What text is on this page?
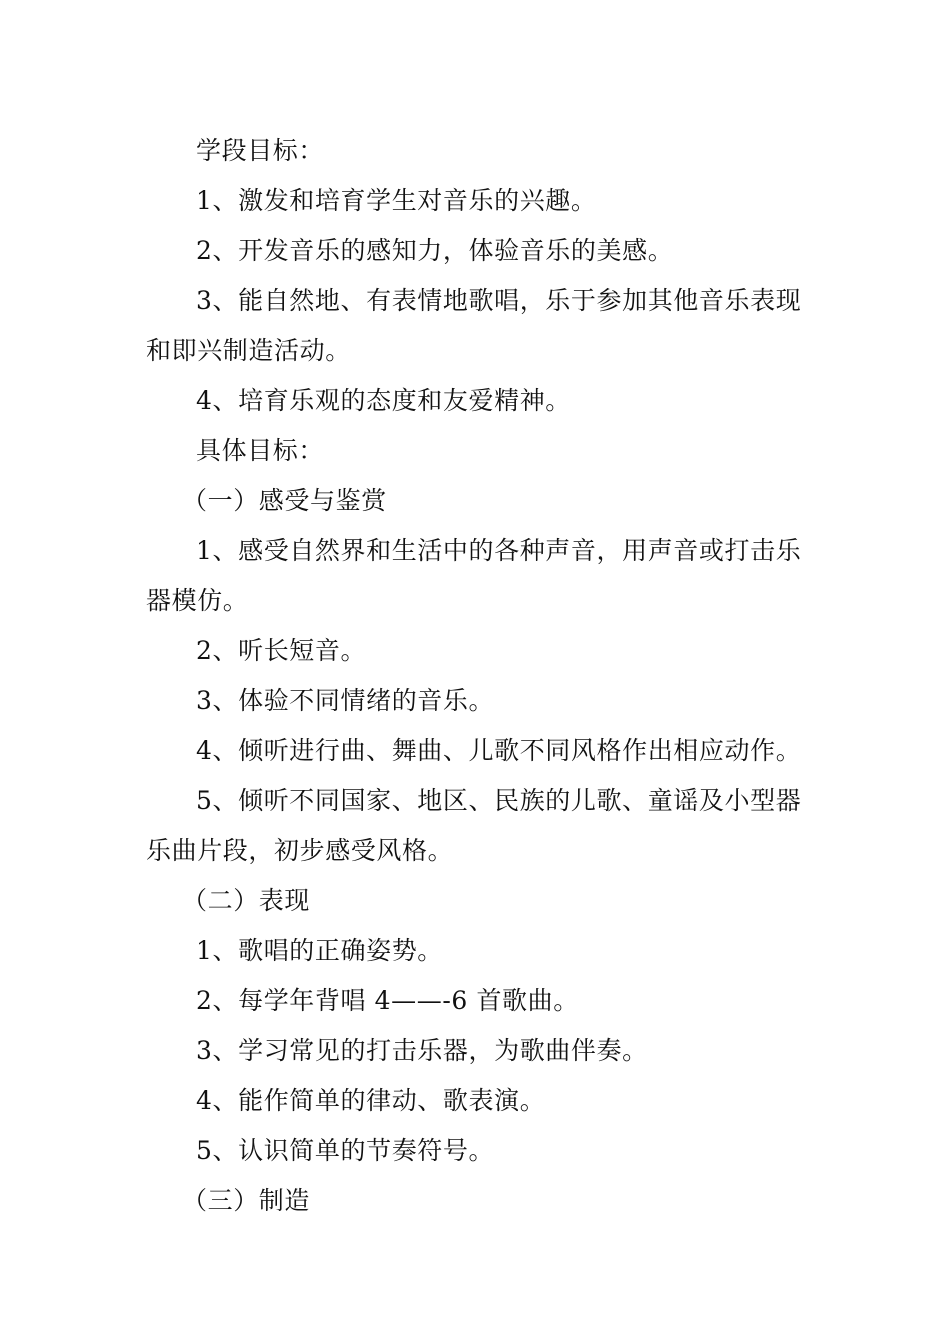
学段目标：
1、激发和培育学生对音乐的兴趣。
2、开发音乐的感知力，体验音乐的美感。
3、能自然地、有表情地歌唱，乐于参加其他音乐表现
和即兴制造活动。
4、培育乐观的态度和友爱精神。
具体目标：
（一）感受与鉴赏
1、感受自然界和生活中的各种声音，用声音或打击乐
器模仿。
2、听长短音。
3、体验不同情绪的音乐。
4、倾听进行曲、舞曲、儿歌不同风格作出相应动作。
5、倾听不同国家、地区、民族的儿歌、童谣及小型器
乐曲片段，初步感受风格。
（二）表现
1、歌唱的正确姿势。
2、每学年背唱 4——-6 首歌曲。
3、学习常见的打击乐器，为歌曲伴奏。
4、能作简单的律动、歌表演。
5、认识简单的节奏符号。
（三）制造
